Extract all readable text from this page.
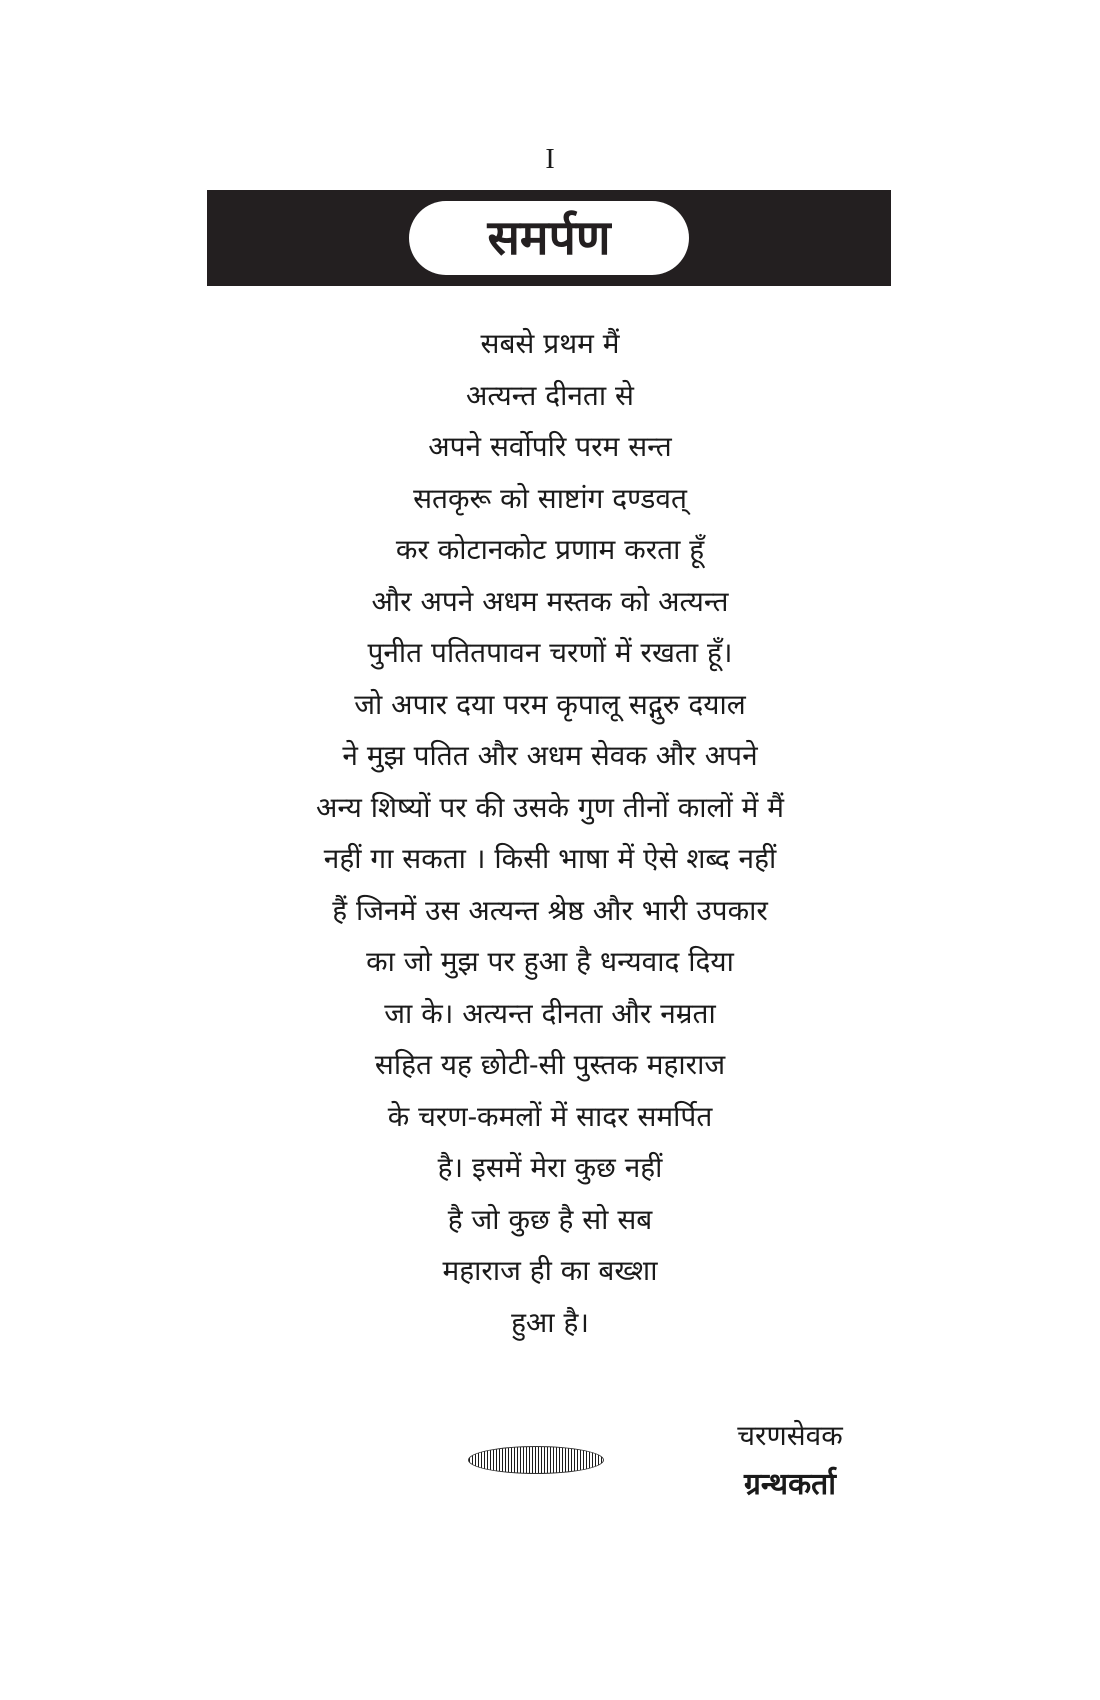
I
समर्पण
सबसे प्रथम मैं
अत्यन्त दीनता से
अपने सर्वोपरि परम सन्त
सतकृरू को साष्टांग दण्डवत्
कर कोटानकोट प्रणाम करता हूँ
और अपने अधम मस्तक को अत्यन्त
पुनीत पतितपावन चरणों में रखता हूँ।
जो अपार दया परम कृपालू सद्गुरु दयाल
ने मुझ पतित और अधम सेवक और अपने
अन्य शिष्यों पर की उसके गुण तीनों कालों में मैं
नहीं गा सकता । किसी भाषा में ऐसे शब्द नहीं
हैं जिनमें उस अत्यन्त श्रेष्ठ और भारी उपकार
का जो मुझ पर हुआ है धन्यवाद दिया
जा के। अत्यन्त दीनता और नम्रता
सहित यह छोटी-सी पुस्तक महाराज
के चरण-कमलों में सादर समर्पित
है। इसमें मेरा कुछ नहीं
है जो कुछ है सो सब
महाराज ही का बख्शा
हुआ है।
चरणसेवक
ग्रन्थकर्ता
